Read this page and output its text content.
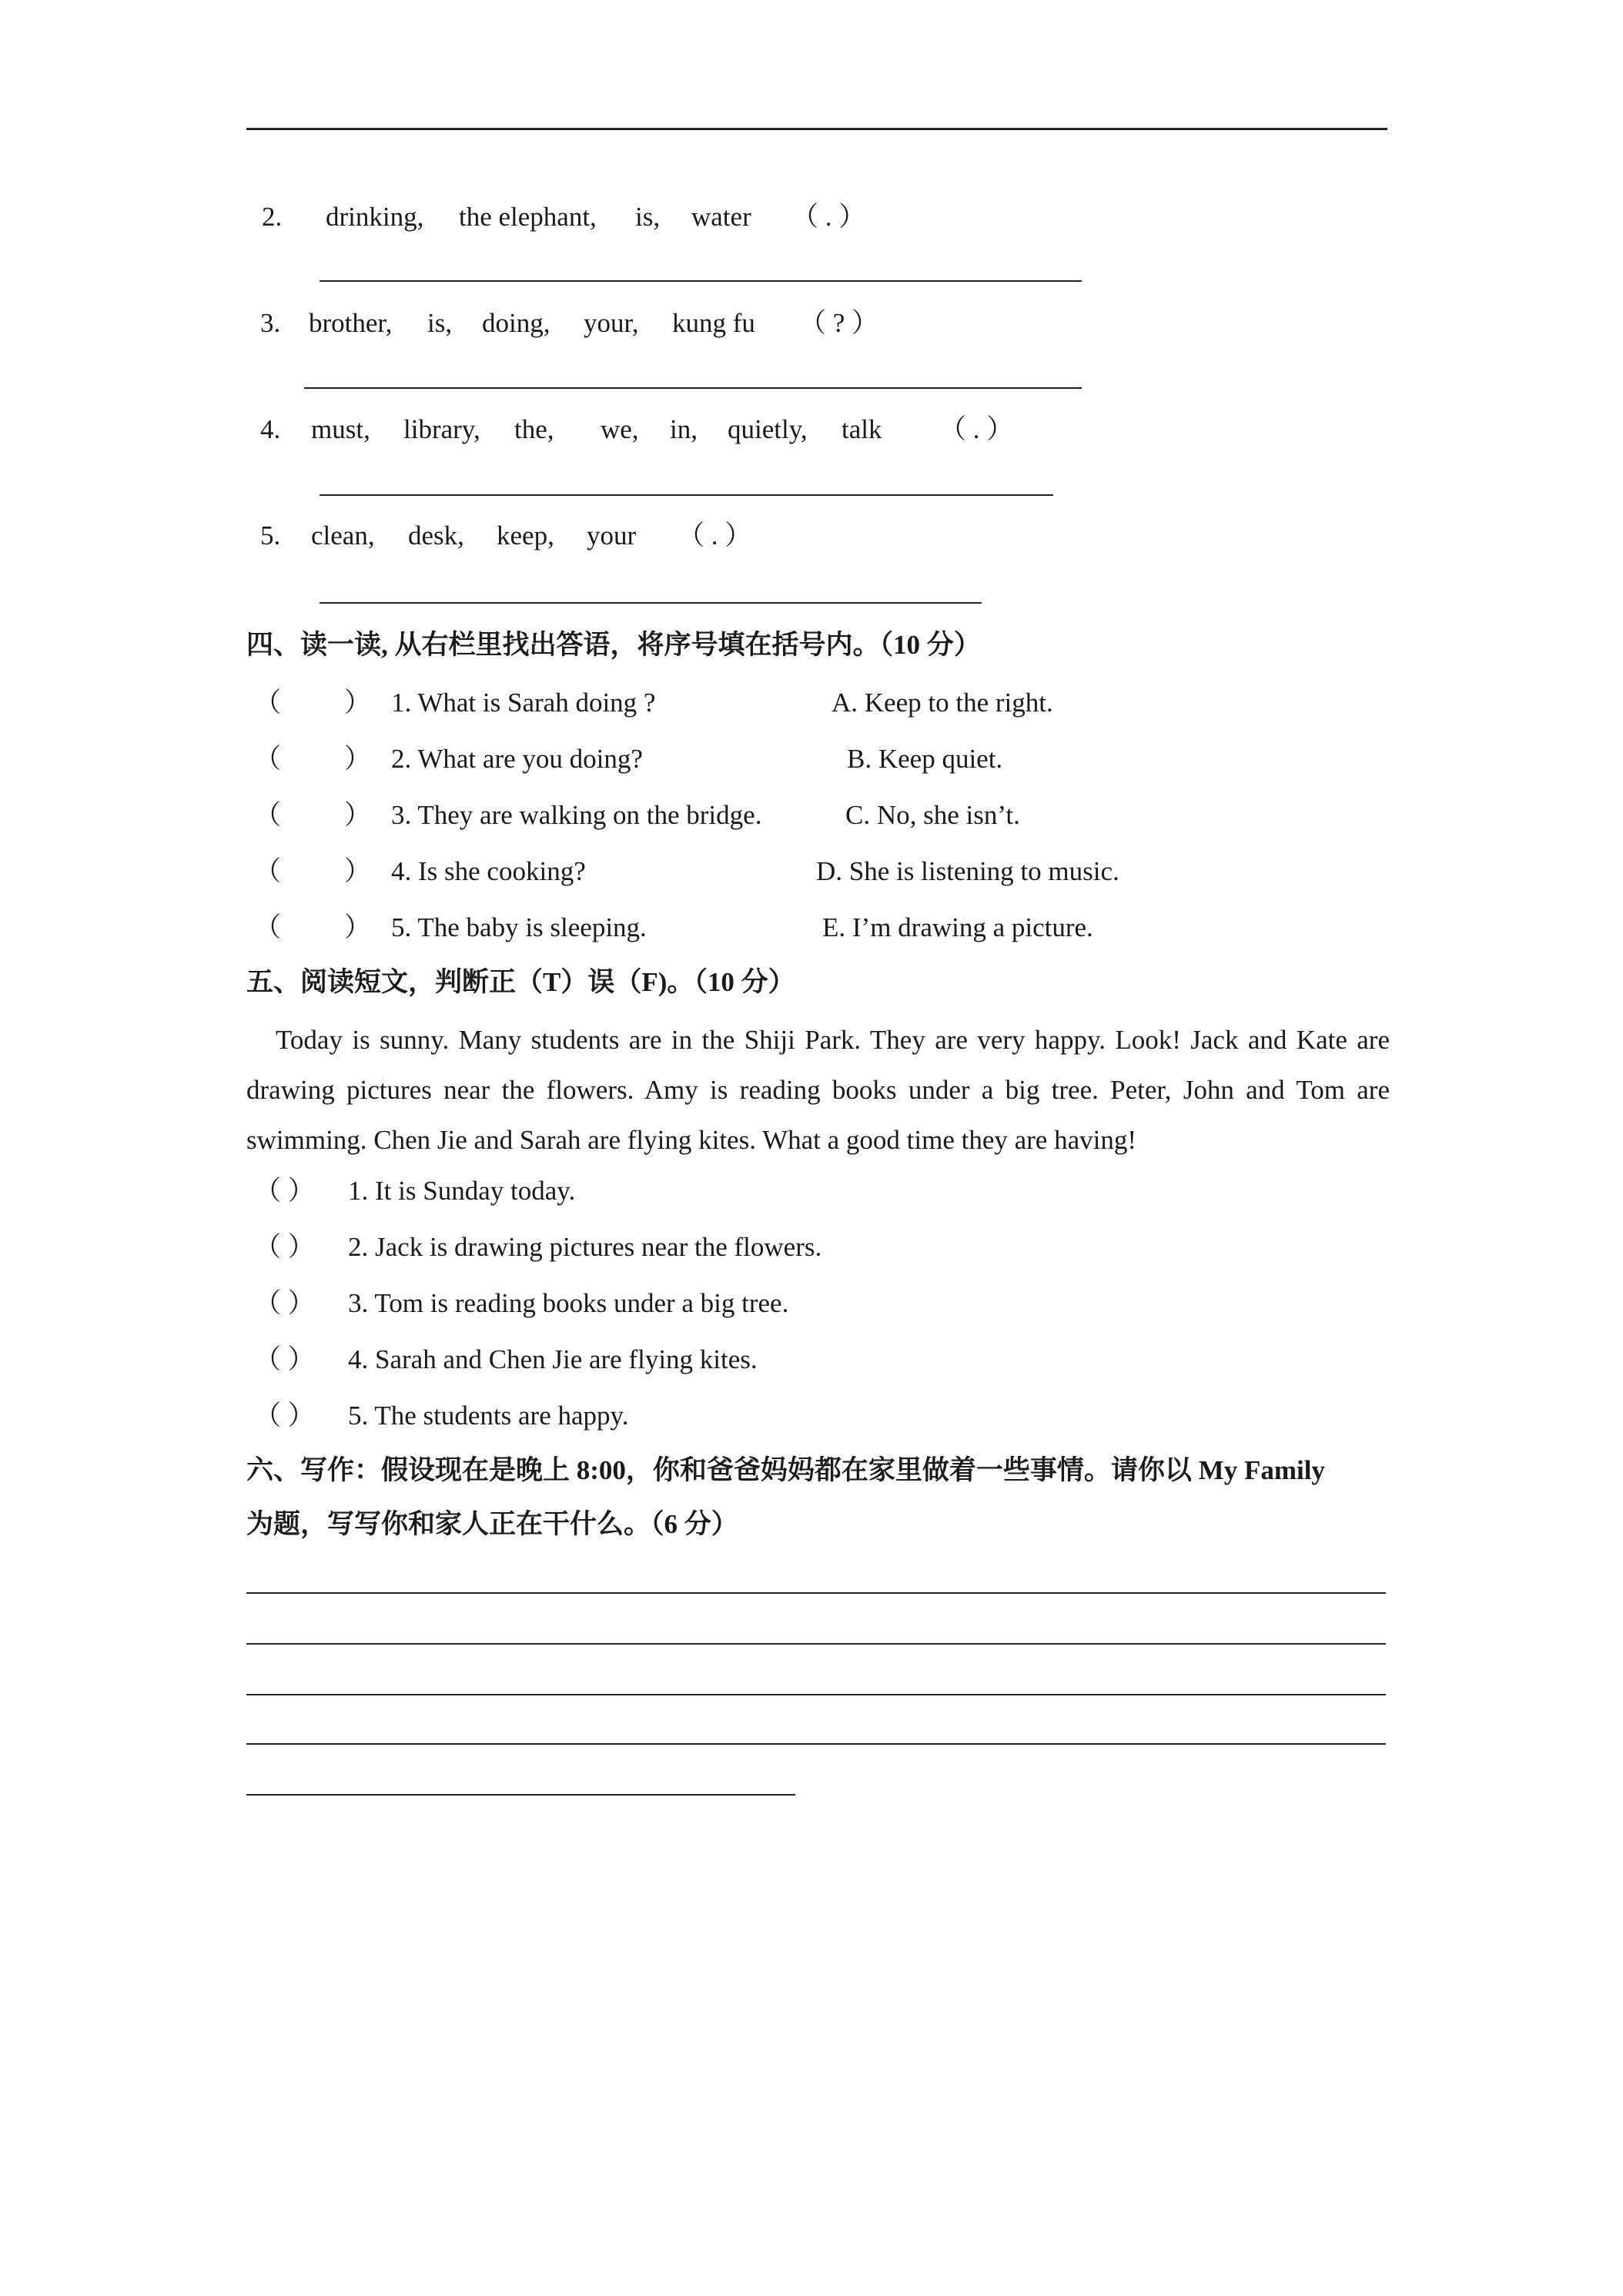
2. drinking, the elephant, is, water （ . ）
3. brother, is, doing, your, kung fu （ ? ）
4. must, library, the, we, in, quietly, talk （ . ）
5. clean, desk, keep, your （ . ）
四、读一读, 从右栏里找出答语，将序号填在括号内。（10 分）
（ ） 1. What is Sarah doing ?	A. Keep to the right.
（ ） 2. What are you doing?	B. Keep quiet.
（ ） 3. They are walking on the bridge.	C. No, she isn’t.
（ ） 4. Is she cooking?	D. She is listening to music.
（ ） 5. The baby is sleeping.	E. I’m drawing a picture.
五、阅读短文，判断正（T）误（F)。（10 分）
Today is sunny. Many students are in the Shiji Park. They are very happy. Look! Jack and Kate are drawing pictures near the flowers. Amy is reading books under a big tree. Peter, John and Tom are swimming. Chen Jie and Sarah are flying kites. What a good time they are having!
（ ） 1. It is Sunday today.
（ ） 2. Jack is drawing pictures near the flowers.
（ ） 3. Tom is reading books under a big tree.
（ ） 4. Sarah and Chen Jie are flying kites.
（ ） 5. The students are happy.
六、写作：假设现在是晚上 8:00，你和爸爸妈妈都在家里做着一些事情。请你以 My Family
为题，写写你和家人正在干什么。（6 分）
